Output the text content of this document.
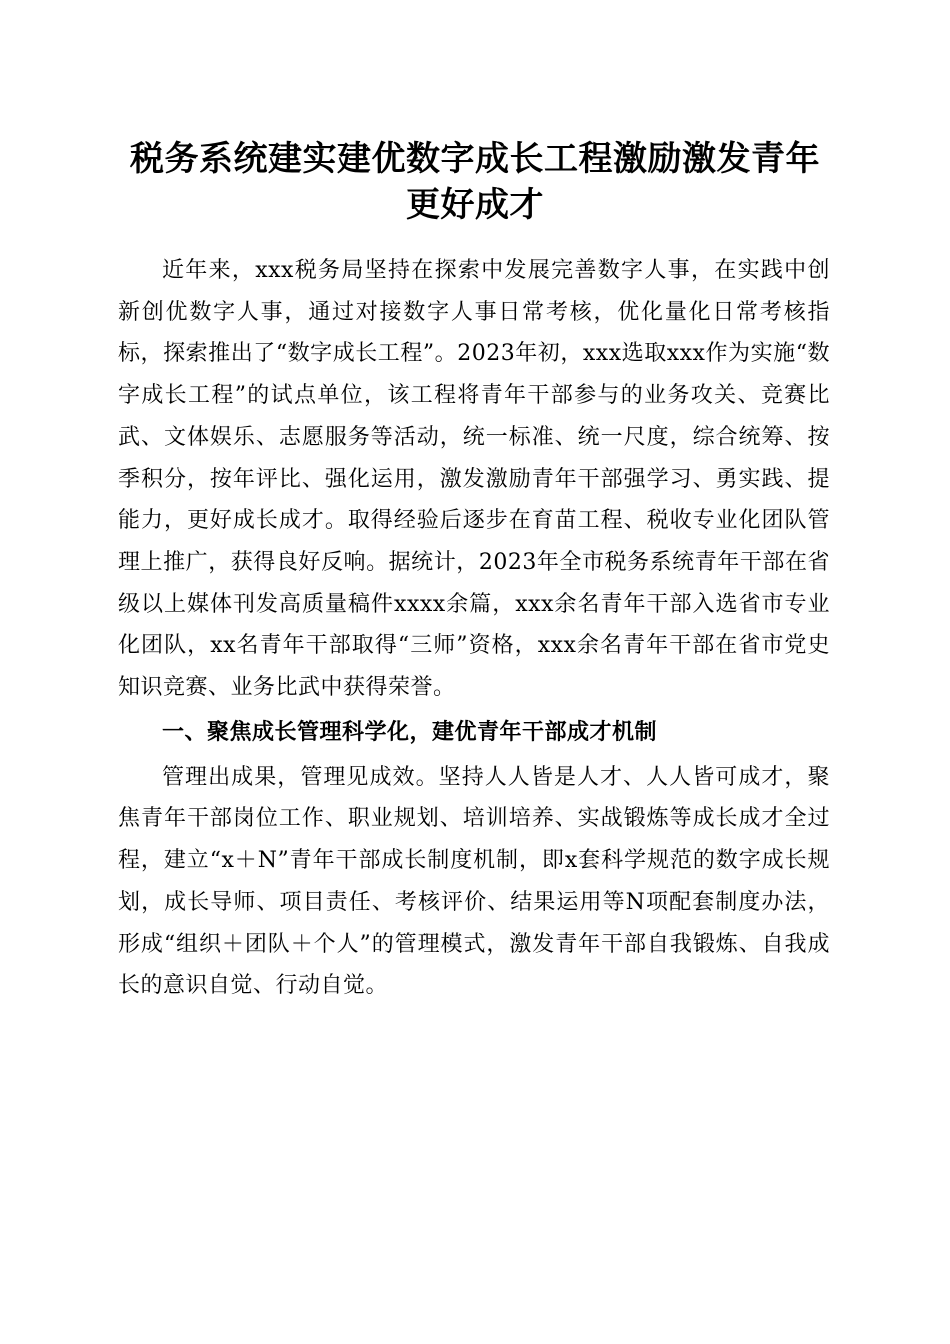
税务系统建实建优数字成长工程激励激发青年
更好成才

近年来，xxx税务局坚持在探索中发展完善数字人事，在实践中创新创优数字人事，通过对接数字人事日常考核，优化量化日常考核指标，探索推出了“数字成长工程”。2023年初，xxx选取xxx作为实施“数字成长工程”的试点单位，该工程将青年干部参与的业务攻关、竞赛比武、文体娱乐、志愿服务等活动，统一标准、统一尺度，综合统筹、按季积分，按年评比、强化运用，激发激励青年干部强学习、勇实践、提能力，更好成长成才。取得经验后逐步在育苗工程、税收专业化团队管理上推广，获得良好反响。据统计，2023年全市税务系统青年干部在省级以上媒体刊发高质量稿件xxxx余篇，xxx余名青年干部入选省市专业化团队，xx名青年干部取得“三师”资格，xxx余名青年干部在省市党史知识竞赛、业务比武中获得荣誉。

一、聚焦成长管理科学化，建优青年干部成才机制

管理出成果，管理见成效。坚持人人皆是人才、人人皆可成才，聚焦青年干部岗位工作、职业规划、培训培养、实战锻炼等成长成才全过程，建立“x＋N”青年干部成长制度机制，即x套科学规范的数字成长规划，成长导师、项目责任、考核评价、结果运用等N项配套制度办法，形成“组织＋团队＋个人”的管理模式，激发青年干部自我锻炼、自我成长的意识自觉、行动自觉。
